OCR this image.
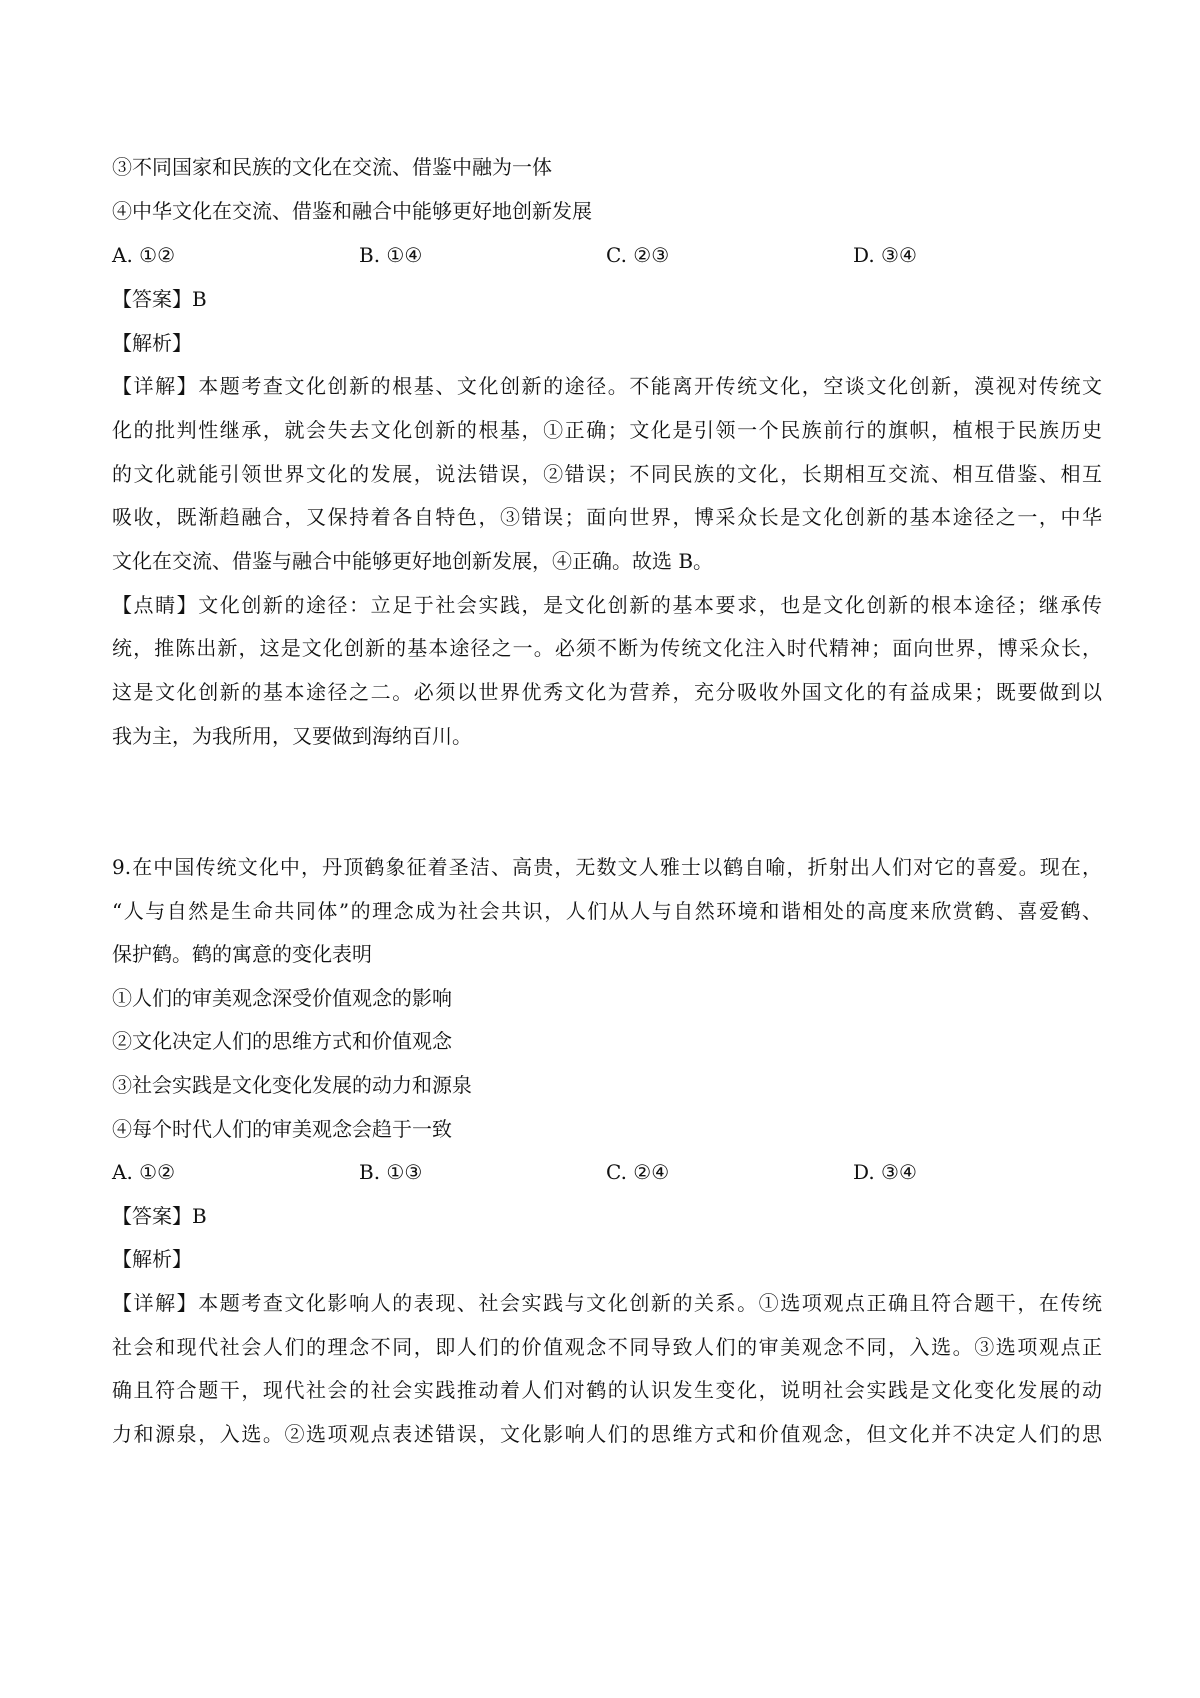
③不同国家和民族的文化在交流、借鉴中融为一体
④中华文化在交流、借鉴和融合中能够更好地创新发展
A. ①②	B. ①④	C. ②③	D. ③④
【答案】B
【解析】
【详解】本题考查文化创新的根基、文化创新的途径。不能离开传统文化，空谈文化创新，漠视对传统文
化的批判性继承，就会失去文化创新的根基，①正确；文化是引领一个民族前行的旗帜，植根于民族历史
的文化就能引领世界文化的发展，说法错误，②错误；不同民族的文化，长期相互交流、相互借鉴、相互
吸收，既渐趋融合，又保持着各自特色，③错误；面向世界，博采众长是文化创新的基本途径之一，中华
文化在交流、借鉴与融合中能够更好地创新发展，④正确。故选 B。
【点睛】文化创新的途径：立足于社会实践，是文化创新的基本要求，也是文化创新的根本途径；继承传
统，推陈出新，这是文化创新的基本途径之一。必须不断为传统文化注入时代精神；面向世界，博采众长，
这是文化创新的基本途径之二。必须以世界优秀文化为营养，充分吸收外国文化的有益成果；既要做到以
我为主，为我所用，又要做到海纳百川。
9.在中国传统文化中，丹顶鹤象征着圣洁、高贵，无数文人雅士以鹤自喻，折射出人们对它的喜爱。现在，
“人与自然是生命共同体”的理念成为社会共识，人们从人与自然环境和谐相处的高度来欣赏鹤、喜爱鹤、
保护鹤。鹤的寓意的变化表明
①人们的审美观念深受价值观念的影响
②文化决定人们的思维方式和价值观念
③社会实践是文化变化发展的动力和源泉
④每个时代人们的审美观念会趋于一致
A. ①②	B. ①③	C. ②④	D. ③④
【答案】B
【解析】
【详解】本题考查文化影响人的表现、社会实践与文化创新的关系。①选项观点正确且符合题干，在传统
社会和现代社会人们的理念不同，即人们的价值观念不同导致人们的审美观念不同，入选。③选项观点正
确且符合题干，现代社会的社会实践推动着人们对鹤的认识发生变化，说明社会实践是文化变化发展的动
力和源泉，入选。②选项观点表述错误，文化影响人们的思维方式和价值观念，但文化并不决定人们的思
